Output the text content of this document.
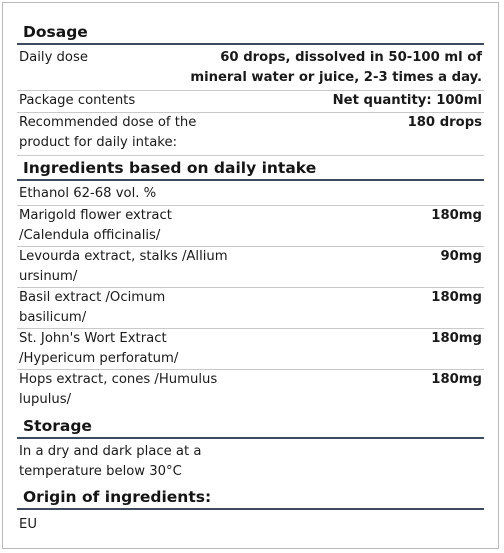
Dosage
Daily dose	60 drops, dissolved in 50-100 ml of
mineral water or juice, 2-3 times a day.
Package contents	Net quantity: 100ml
Recommended dose of the
product for daily intake:
180 drops
Ingredients based on daily intake
Ethanol 62-68 vol. %
Marigold flower extract
/Calendula officinalis/
180mg
Levourda extract, stalks /Allium
ursinum/
90mg
Basil extract /Ocimum
basilicum/
180mg
St. John's Wort Extract
/Hypericum perforatum/
180mg
Hops extract, cones /Humulus
lupulus/
180mg
Storage
In a dry and dark place at a
temperature below 30°C
Origin of ingredients:
EU
